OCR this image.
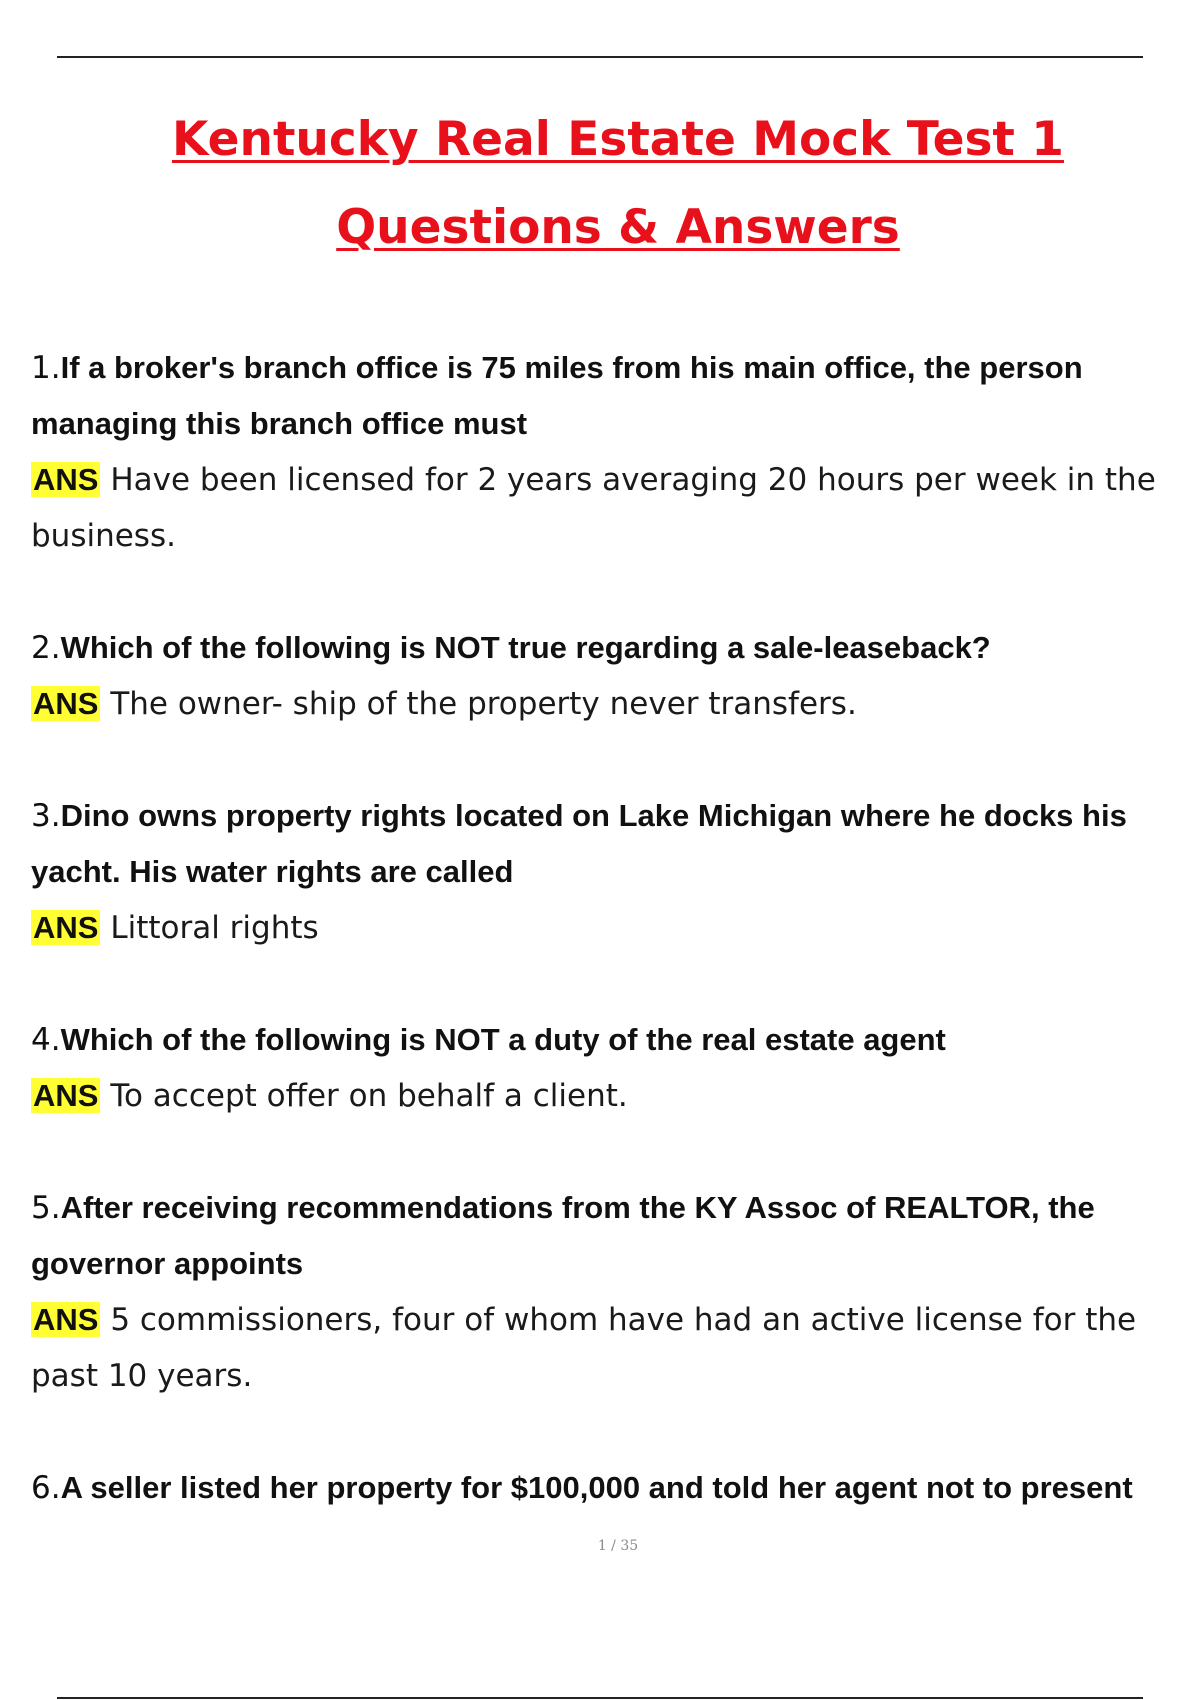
Kentucky Real Estate Mock Test 1
Questions & Answers

1.If a broker's branch office is 75 miles from his main office, the person managing this branch office must

ANS Have been licensed for 2 years averaging 20 hours per week in the business.

2.Which of the following is NOT true regarding a sale-leaseback?

ANS The owner- ship of the property never transfers.

3.Dino owns property rights located on Lake Michigan where he docks his yacht. His water rights are called

ANS Littoral rights

4.Which of the following is NOT a duty of the real estate agent

ANS To accept offer on behalf a client.

5.After receiving recommendations from the KY Assoc of REALTOR, the governor appoints

ANS 5 commissioners, four of whom have had an active license for the past 10 years.

6.A seller listed her property for $100,000 and told her agent not to present

1 / 35
